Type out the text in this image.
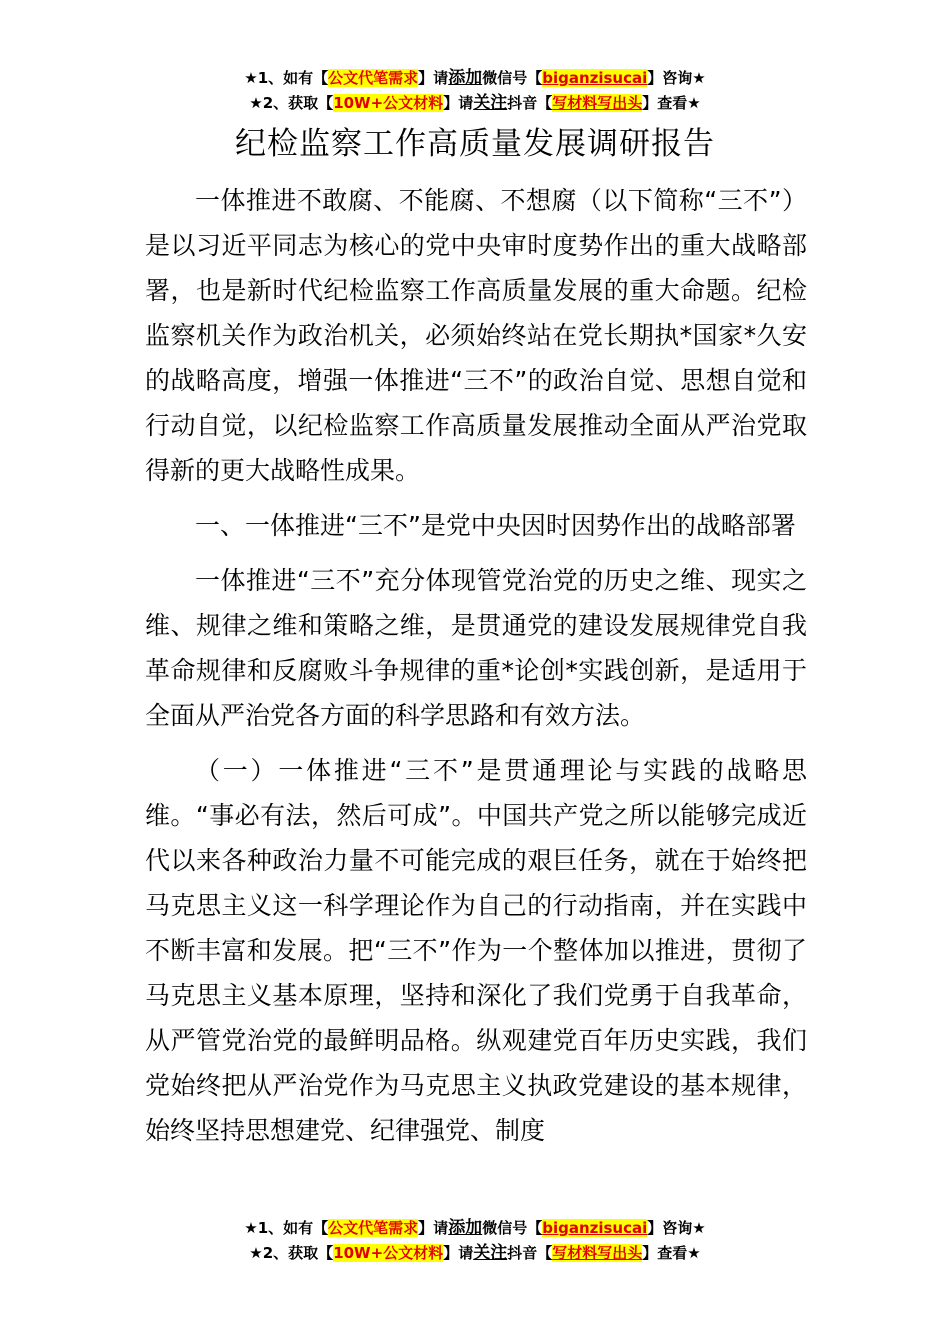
★1、如有【公文代笔需求】请添加微信号【biganzisucai】咨询★
★2、获取【10W+公文材料】请关注抖音【写材料写出头】查看★
纪检监察工作高质量发展调研报告

一体推进不敢腐、不能腐、不想腐（以下简称“三不”）是以习近平同志为核心的党中央审时度势作出的重大战略部署，也是新时代纪检监察工作高质量发展的重大命题。纪检监察机关作为政治机关，必须始终站在党长期执*国家*久安的战略高度，增强一体推进“三不”的政治自觉、思想自觉和行动自觉，以纪检监察工作高质量发展推动全面从严治党取得新的更大战略性成果。

一、一体推进“三不”是党中央因时因势作出的战略部署

一体推进“三不”充分体现管党治党的历史之维、现实之维、规律之维和策略之维，是贯通党的建设发展规律党自我革命规律和反腐败斗争规律的重*论创*实践创新，是适用于全面从严治党各方面的科学思路和有效方法。

（一）一体推进“三不”是贯通理论与实践的战略思维。“事必有法，然后可成”。中国共产党之所以能够完成近代以来各种政治力量不可能完成的艰巨任务，就在于始终把马克思主义这一科学理论作为自己的行动指南，并在实践中不断丰富和发展。把“三不”作为一个整体加以推进，贯彻了马克思主义基本原理，坚持和深化了我们党勇于自我革命，从严管党治党的最鲜明品格。纵观建党百年历史实践，我们党始终把从严治党作为马克思主义执政党建设的基本规律，始终坚持思想建党、纪律强党、制度

★1、如有【公文代笔需求】请添加微信号【biganzisucai】咨询★
★2、获取【10W+公文材料】请关注抖音【写材料写出头】查看★
